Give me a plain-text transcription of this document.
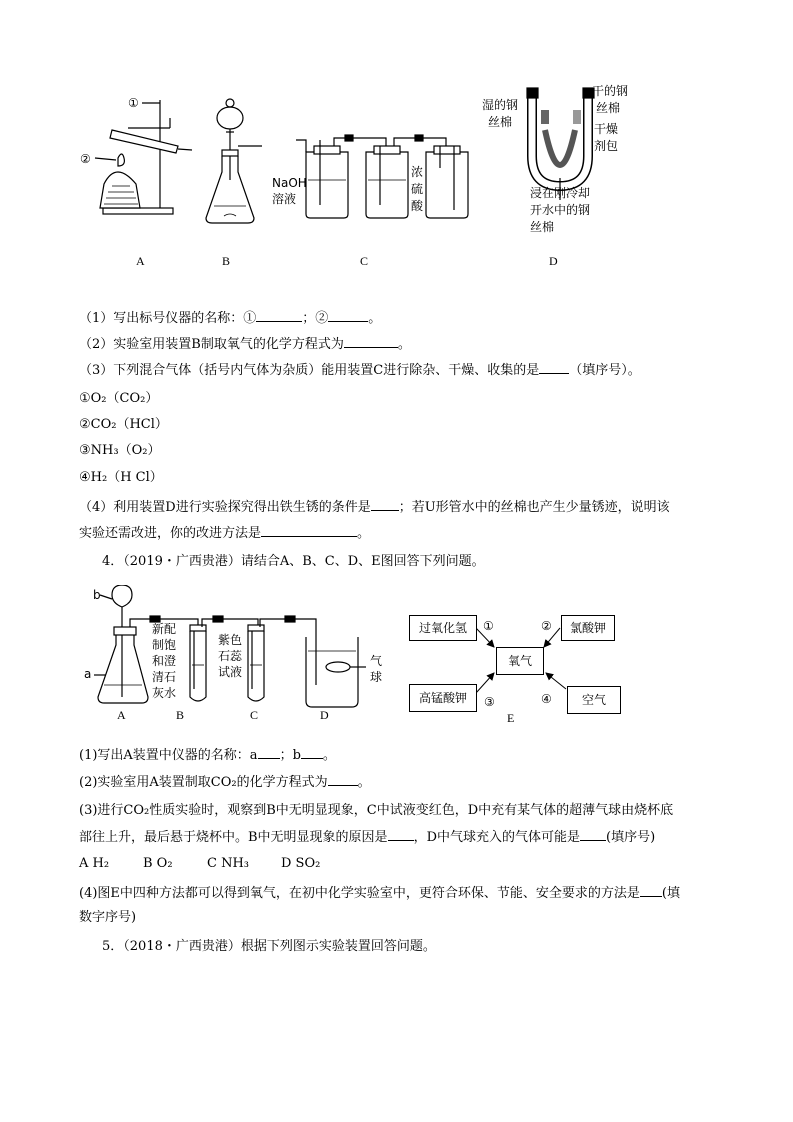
①
②
NaOH
溶液
浓
硫
酸
湿的钢
丝棉
干的钢
丝棉
干燥
剂包
浸在刚冷却
开水中的钢
丝棉
A	B	C	D
（1）写出标号仪器的名称：①	；②	。
（2）实验室用装置B制取氧气的化学方程式为	。
（3）下列混合气体（括号内气体为杂质）能用装置C进行除杂、干燥、收集的是 （填序号）。
①O₂（CO₂）
②CO₂（HCl）
③NH₃（O₂）
④H₂（H Cl）
（4）利用装置D进行实验探究得出铁生锈的条件是 ；若U形管水中的丝棉也产生少量锈迹，说明该
实验还需改进，你的改进方法是	。
4．（2019・广西贵港）请结合A、B、C、D、E图回答下列问题。
b
a
新配
制饱
和澄
清石
灰水
紫色
石蕊
试液
气
球
A	B	C	D	E
过氧化氢	氯酸钾
氧气
高锰酸钾	空气
①	②
③	④
(1)写出A装置中仪器的名称：a ；b 。
(2)实验室用A装置制取CO₂的化学方程式为 。
(3)进行CO₂性质实验时，观察到B中无明显现象，C中试液变红色，D中充有某气体的超薄气球由烧杯底
部往上升，最后悬于烧杯中。B中无明显现象的原因是 ，D中气球充入的气体可能是 (填序号)
A H₂	B O₂	C NH₃ D SO₂
(4)图E中四种方法都可以得到氧气，在初中化学实验室中，更符合环保、节能、安全要求的方法是 (填
数字序号)
5．（2018・广西贵港）根据下列图示实验装置回答问题。
